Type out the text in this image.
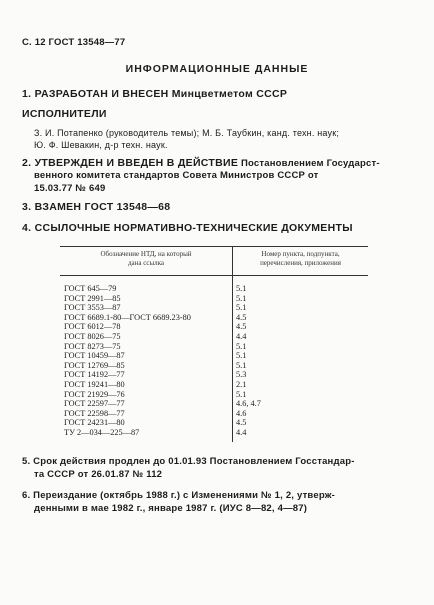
С. 12 ГОСТ 13548—77
ИНФОРМАЦИОННЫЕ ДАННЫЕ
1. РАЗРАБОТАН И ВНЕСЕН Минцветметом СССР
ИСПОЛНИТЕЛИ
З. И. Потапенко (руководитель темы); М. Б. Таубкин, канд. техн. наук;
Ю. Ф. Шевакин, д-р техн. наук.
2. УТВЕРЖДЕН И ВВЕДЕН В ДЕЙСТВИЕ Постановлением Государст-
венного комитета стандартов Совета Министров СССР от
15.03.77 № 649
3. ВЗАМЕН ГОСТ 13548—68
4. ССЫЛОЧНЫЕ НОРМАТИВНО-ТЕХНИЧЕСКИЕ ДОКУМЕНТЫ
Обозначение НТД, на который
дана ссылка
Номер пункта, подпункта,
перечисления, приложения
ГОСТ 645—79	5.1
ГОСТ 2991—85	5.1
ГОСТ 3553—87	5.1
ГОСТ 6689.1-80—ГОСТ 6689.23-80	4.5
ГОСТ 6012—78	4.5
ГОСТ 8026—75	4.4
ГОСТ 8273—75	5.1
ГОСТ 10459—87	5.1
ГОСТ 12769—85	5.1
ГОСТ 14192—77	5.3
ГОСТ 19241—80	2.1
ГОСТ 21929—76	5.1
ГОСТ 22597—77	4.6, 4.7
ГОСТ 22598—77	4.6
ГОСТ 24231—80	4.5
ТУ 2—034—225—87	4.4
5. Срок действия продлен до 01.01.93 Постановлением Госстандар-
та СССР от 26.01.87 № 112
6. Переиздание (октябрь 1988 г.) с Изменениями № 1, 2, утверж-
денными в мае 1982 г., январе 1987 г. (ИУС 8—82, 4—87)
